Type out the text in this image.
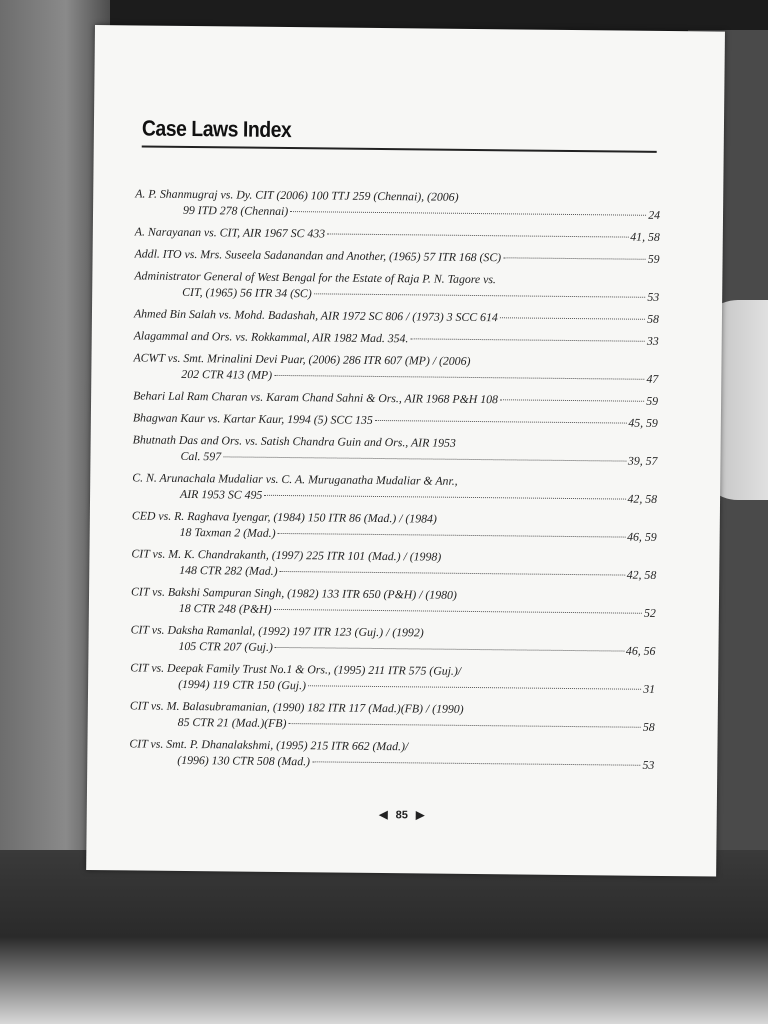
Case Laws Index
A. P. Shanmugraj vs. Dy. CIT (2006) 100 TTJ 259 (Chennai), (2006)
99 ITD 278 (Chennai)	24
A. Narayanan vs. CIT, AIR 1967 SC 433	41, 58
Addl. ITO vs. Mrs. Suseela Sadanandan and Another, (1965) 57 ITR 168 (SC)	59
Administrator General of West Bengal for the Estate of Raja P. N. Tagore vs.
CIT, (1965) 56 ITR 34 (SC)	53
Ahmed Bin Salah vs. Mohd. Badashah, AIR 1972 SC 806 / (1973) 3 SCC 614	58
Alagammal and Ors. vs. Rokkammal, AIR 1982 Mad. 354.	33
ACWT vs. Smt. Mrinalini Devi Puar, (2006) 286 ITR 607 (MP) / (2006)
202 CTR 413 (MP)	47
Behari Lal Ram Charan vs. Karam Chand Sahni & Ors., AIR 1968 P&H 108	59
Bhagwan Kaur vs. Kartar Kaur, 1994 (5) SCC 135	45, 59
Bhutnath Das and Ors. vs. Satish Chandra Guin and Ors., AIR 1953
Cal. 597	39, 57
C. N. Arunachala Mudaliar vs. C. A. Muruganatha Mudaliar & Anr.,
AIR 1953 SC 495	42, 58
CED vs. R. Raghava Iyengar, (1984) 150 ITR 86 (Mad.) / (1984)
18 Taxman 2 (Mad.)	46, 59
CIT vs. M. K. Chandrakanth, (1997) 225 ITR 101 (Mad.) / (1998)
148 CTR 282 (Mad.)	42, 58
CIT vs. Bakshi Sampuran Singh, (1982) 133 ITR 650 (P&H) / (1980)
18 CTR 248 (P&H)	52
CIT vs. Daksha Ramanlal, (1992) 197 ITR 123 (Guj.) / (1992)
105 CTR 207 (Guj.)	46, 56
CIT vs. Deepak Family Trust No.1 & Ors., (1995) 211 ITR 575 (Guj.)/
(1994) 119 CTR 150 (Guj.)	31
CIT vs. M. Balasubramanian, (1990) 182 ITR 117 (Mad.)(FB) / (1990)
85 CTR 21 (Mad.)(FB)	58
CIT vs. Smt. P. Dhanalakshmi, (1995) 215 ITR 662 (Mad.)/
(1996) 130 CTR 508 (Mad.)	53
◀ 85 ▶
